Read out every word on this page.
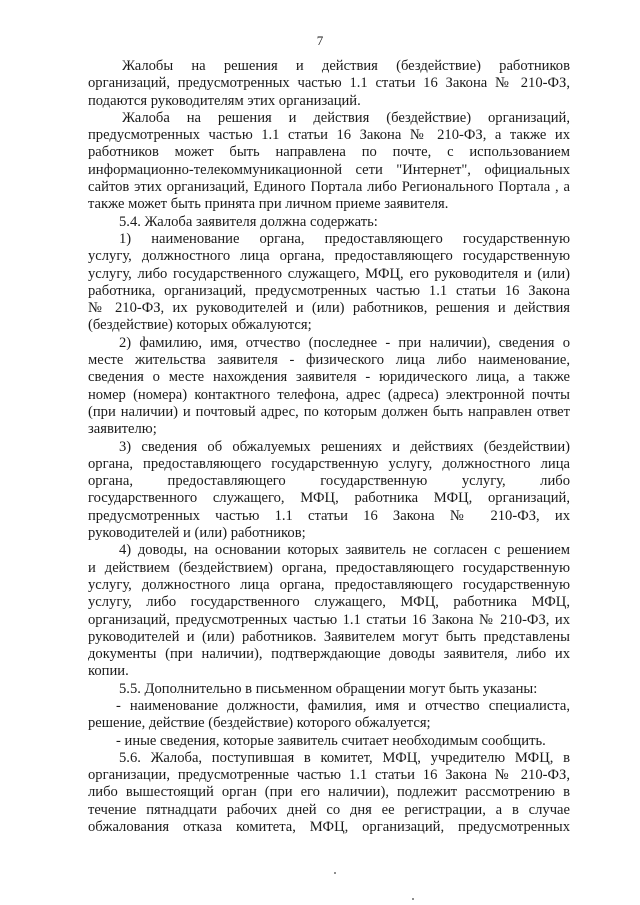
7
Жалобы на решения и действия (бездействие) работников
организаций, предусмотренных частью 1.1 статьи 16 Закона № 210-ФЗ,
подаются руководителям этих организаций.
Жалоба на решения и действия (бездействие) организаций,
предусмотренных частью 1.1 статьи 16 Закона № 210-ФЗ, а также их
работников может быть направлена по почте, с использованием
информационно-телекоммуникационной сети "Интернет", официальных
сайтов этих организаций, Единого Портала либо Регионального Портала , а
также может быть принята при личном приеме заявителя.
5.4. Жалоба заявителя должна содержать:
1) наименование органа, предоставляющего государственную
услугу, должностного лица органа, предоставляющего государственную
услугу, либо государственного служащего, МФЦ, его руководителя и (или)
работника, организаций, предусмотренных частью 1.1 статьи 16 Закона
№ 210-ФЗ, их руководителей и (или) работников, решения и действия
(бездействие) которых обжалуются;
2) фамилию, имя, отчество (последнее - при наличии), сведения о
месте жительства заявителя - физического лица либо наименование,
сведения о месте нахождения заявителя - юридического лица, а также
номер (номера) контактного телефона, адрес (адреса) электронной почты
(при наличии) и почтовый адрес, по которым должен быть направлен ответ
заявителю;
3) сведения об обжалуемых решениях и действиях (бездействии)
органа, предоставляющего государственную услугу, должностного лица
органа, предоставляющего государственную услугу, либо
государственного служащего, МФЦ, работника МФЦ, организаций,
предусмотренных частью 1.1 статьи 16 Закона № 210-ФЗ, их
руководителей и (или) работников;
4) доводы, на основании которых заявитель не согласен с решением
и действием (бездействием) органа, предоставляющего государственную
услугу, должностного лица органа, предоставляющего государственную
услугу, либо государственного служащего, МФЦ, работника МФЦ,
организаций, предусмотренных частью 1.1 статьи 16 Закона № 210-ФЗ, их
руководителей и (или) работников. Заявителем могут быть представлены
документы (при наличии), подтверждающие доводы заявителя, либо их
копии.
5.5. Дополнительно в письменном обращении могут быть указаны:
- наименование должности, фамилия, имя и отчество специалиста,
решение, действие (бездействие) которого обжалуется;
- иные сведения, которые заявитель считает необходимым сообщить.
5.6. Жалоба, поступившая в комитет, МФЦ, учредителю МФЦ, в
организации, предусмотренные частью 1.1 статьи 16 Закона № 210-ФЗ,
либо вышестоящий орган (при его наличии), подлежит рассмотрению в
течение пятнадцати рабочих дней со дня ее регистрации, а в случае
обжалования отказа комитета, МФЦ, организаций, предусмотренных
